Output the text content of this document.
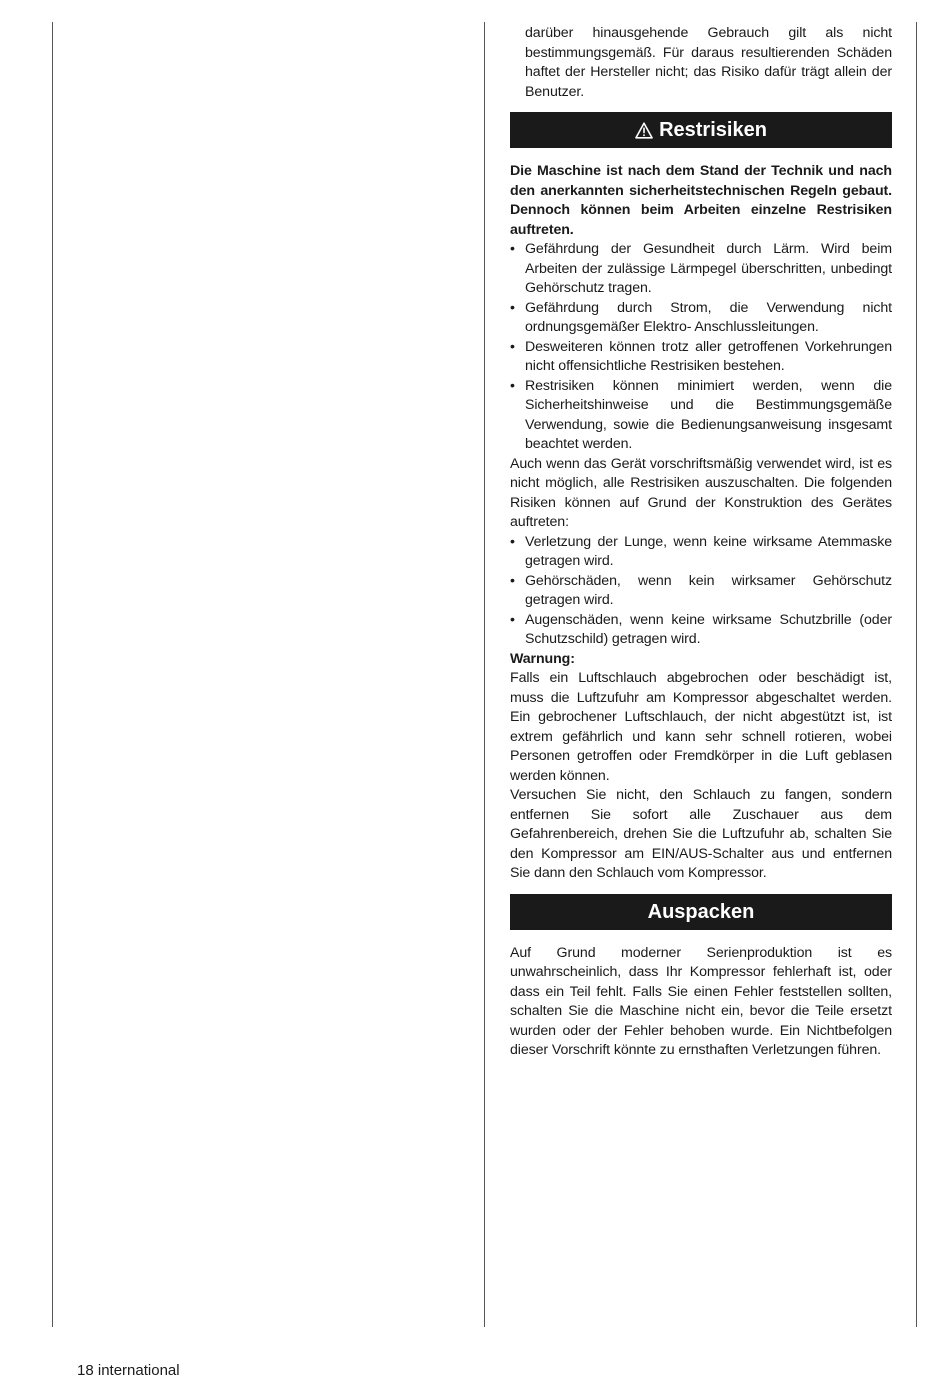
darüber hinausgehende Gebrauch gilt als nicht bestimmungsgemäß. Für daraus resultierenden Schäden haftet der Hersteller nicht; das Risiko dafür trägt allein der Benutzer.

Restrisiken

Die Maschine ist nach dem Stand der Technik und nach den anerkannten sicherheitstechnischen Regeln gebaut. Dennoch können beim Arbeiten einzelne Restrisiken auftreten.

• Gefährdung der Gesundheit durch Lärm. Wird beim Arbeiten der zulässige Lärmpegel überschritten, unbedingt Gehörschutz tragen.
• Gefährdung durch Strom, die Verwendung nicht ordnungsgemäßer Elektro- Anschlussleitungen.
• Desweiteren können trotz aller getroffenen Vorkehrungen nicht offensichtliche Restrisiken bestehen.
• Restrisiken können minimiert werden, wenn die Sicherheitshinweise und die Bestimmungsgemäße Verwendung, sowie die Bedienungsanweisung insgesamt beachtet werden.

Auch wenn das Gerät vorschriftsmäßig verwendet wird, ist es nicht möglich, alle Restrisiken auszuschalten. Die folgenden Risiken können auf Grund der Konstruktion des Gerätes auftreten:

• Verletzung der Lunge, wenn keine wirksame Atemmaske getragen wird.
• Gehörschäden, wenn kein wirksamer Gehörschutz getragen wird.
• Augenschäden, wenn keine wirksame Schutzbrille (oder Schutzschild) getragen wird.

Warnung:

Falls ein Luftschlauch abgebrochen oder beschädigt ist, muss die Luftzufuhr am Kompressor abgeschaltet werden. Ein gebrochener Luftschlauch, der nicht abgestützt ist, ist extrem gefährlich und kann sehr schnell rotieren, wobei Personen getroffen oder Fremdkörper in die Luft geblasen werden können.

Versuchen Sie nicht, den Schlauch zu fangen, sondern entfernen Sie sofort alle Zuschauer aus dem Gefahrenbereich, drehen Sie die Luftzufuhr ab, schalten Sie den Kompressor am EIN/AUS-Schalter aus und entfernen Sie dann den Schlauch vom Kompressor.

Auspacken

Auf Grund moderner Serienproduktion ist es unwahrscheinlich, dass Ihr Kompressor fehlerhaft ist, oder dass ein Teil fehlt. Falls Sie einen Fehler feststellen sollten, schalten Sie die Maschine nicht ein, bevor die Teile ersetzt wurden oder der Fehler behoben wurde. Ein Nichtbefolgen dieser Vorschrift könnte zu ernsthaften Verletzungen führen.

18 international
